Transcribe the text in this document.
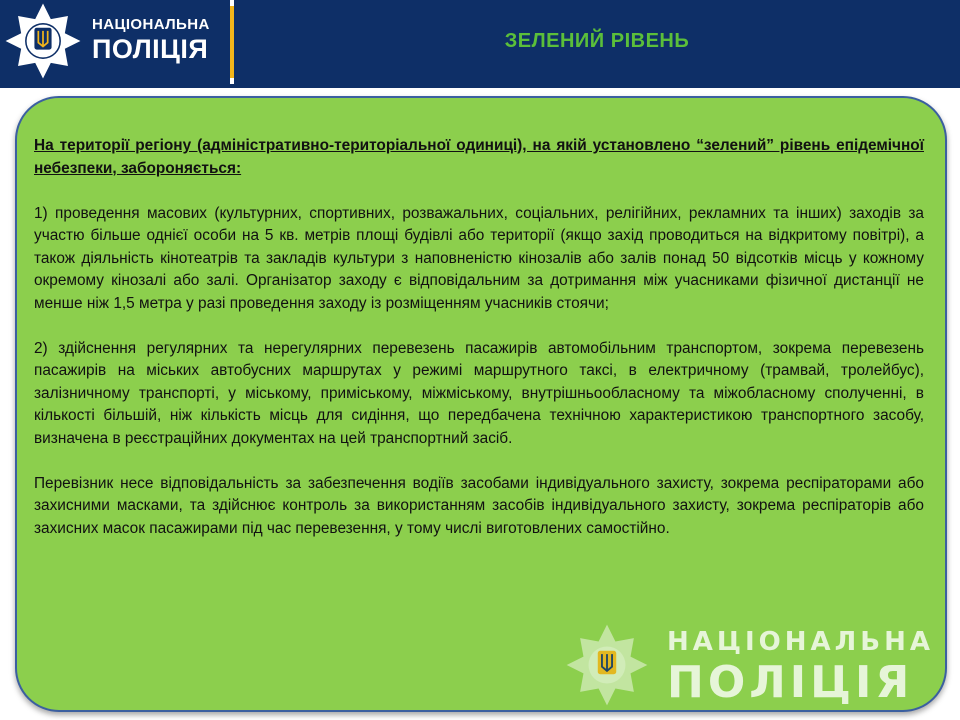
НАЦІОНАЛЬНА
ПОЛІЦІЯ	ЗЕЛЕНИЙ РІВЕНЬ

На території регіону (адміністративно-територіальної одиниці), на якій установлено “зелений” рівень епідемічної небезпеки, забороняється:

1) проведення масових (культурних, спортивних, розважальних, соціальних, релігійних, рекламних та інших) заходів за участю більше однієї особи на 5 кв. метрів площі будівлі або території (якщо захід проводиться на відкритому повітрі), а також діяльність кінотеатрів та закладів культури з наповненістю кінозалів або залів понад 50 відсотків місць у кожному окремому кінозалі або залі. Організатор заходу є відповідальним за дотримання між учасниками фізичної дистанції не менше ніж 1,5 метра у разі проведення заходу із розміщенням учасників стоячи;

2) здійснення регулярних та нерегулярних перевезень пасажирів автомобільним транспортом, зокрема перевезень пасажирів на міських автобусних маршрутах у режимі маршрутного таксі, в електричному (трамвай, тролейбус), залізничному транспорті, у міському, приміському, міжміському, внутрішньообласному та міжобласному сполученні, в кількості більшій, ніж кількість місць для сидіння, що передбачена технічною характеристикою транспортного засобу, визначена в реєстраційних документах на цей транспортний засіб.

Перевізник несе відповідальність за забезпечення водіїв засобами індивідуального захисту, зокрема респіраторами або захисними масками, та здійснює контроль за використанням засобів індивідуального захисту, зокрема респіраторів або захисних масок пасажирами під час перевезення, у тому числі виготовлених самостійно.

НАЦІОНАЛЬНА
ПОЛІЦІЯ
